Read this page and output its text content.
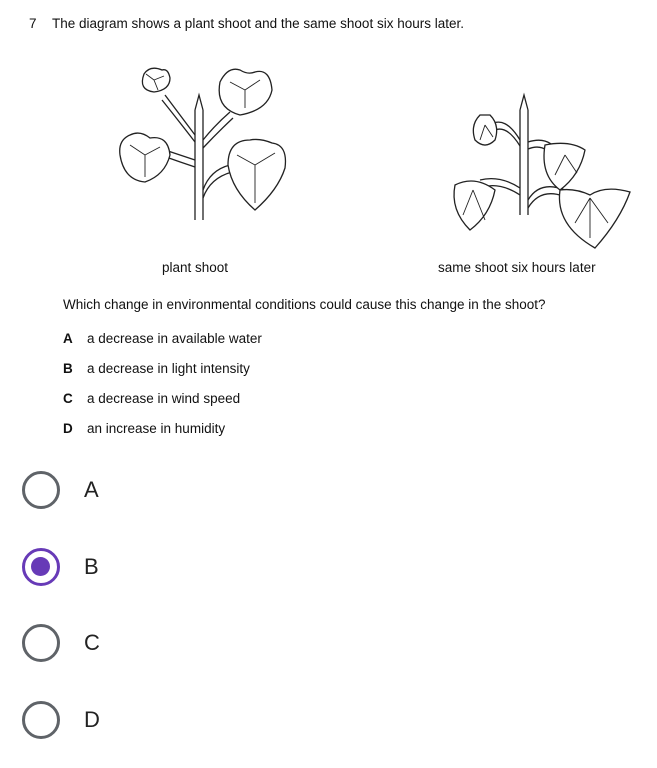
7 The diagram shows a plant shoot and the same shoot six hours later.
plant shoot	same shoot six hours later
Which change in environmental conditions could cause this change in the shoot?
A a decrease in available water
B a decrease in light intensity
C a decrease in wind speed
D an increase in humidity
A
B
C
D
